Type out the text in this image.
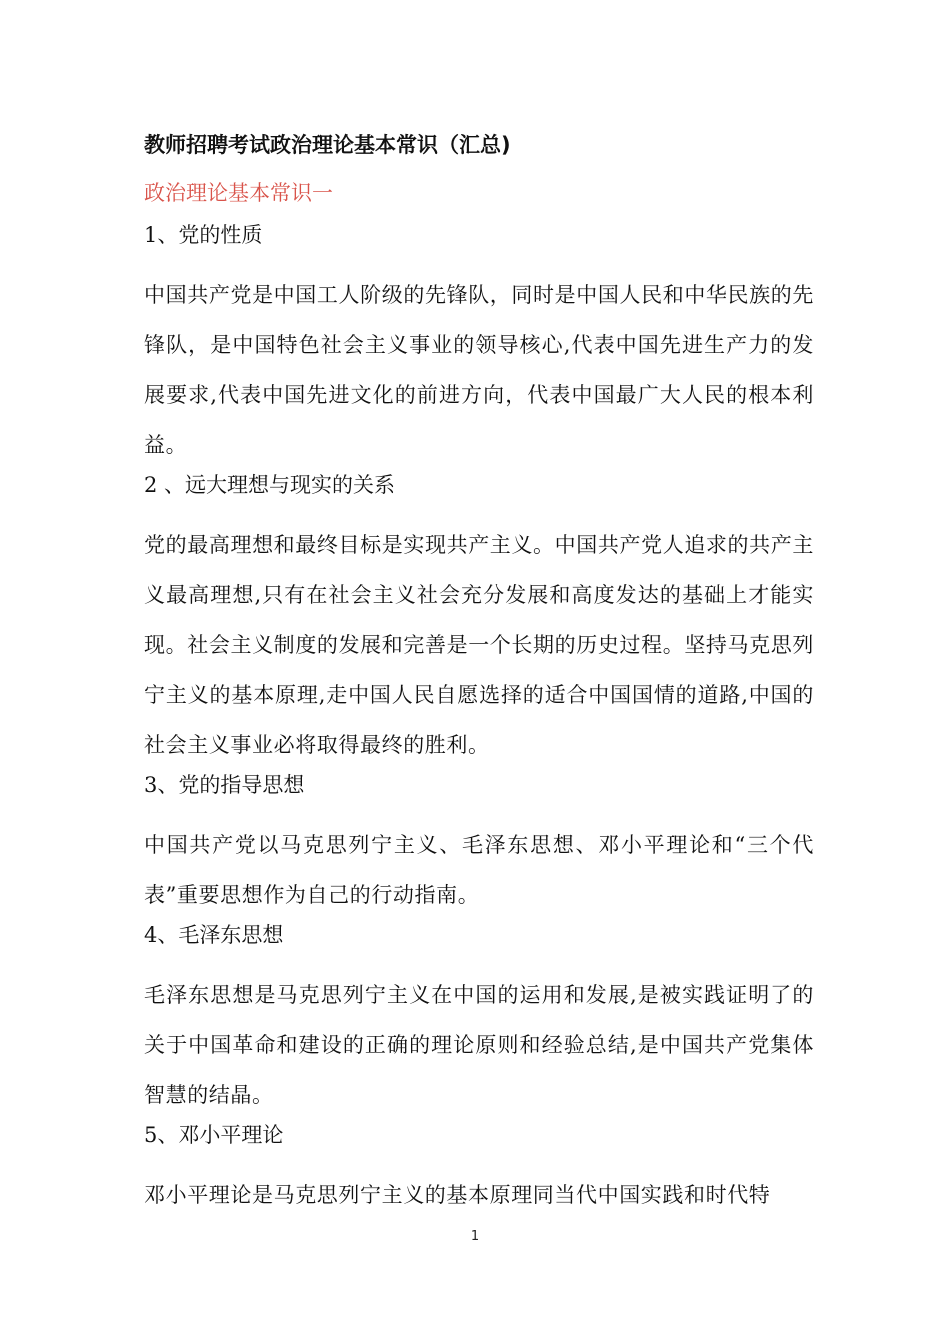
教师招聘考试政治理论基本常识（汇总)
政治理论基本常识一
1、党的性质
中国共产党是中国工人阶级的先锋队，同时是中国人民和中华民族的先锋队，是中国特色社会主义事业的领导核心,代表中国先进生产力的发展要求,代表中国先进文化的前进方向，代表中国最广大人民的根本利益。
2 、远大理想与现实的关系
党的最高理想和最终目标是实现共产主义。中国共产党人追求的共产主义最高理想,只有在社会主义社会充分发展和高度发达的基础上才能实现。社会主义制度的发展和完善是一个长期的历史过程。坚持马克思列宁主义的基本原理,走中国人民自愿选择的适合中国国情的道路,中国的社会主义事业必将取得最终的胜利。
3、党的指导思想
中国共产党以马克思列宁主义、毛泽东思想、邓小平理论和“三个代表”重要思想作为自己的行动指南。
4、毛泽东思想
毛泽东思想是马克思列宁主义在中国的运用和发展,是被实践证明了的关于中国革命和建设的正确的理论原则和经验总结,是中国共产党集体智慧的结晶。
5、邓小平理论
邓小平理论是马克思列宁主义的基本原理同当代中国实践和时代特
1
